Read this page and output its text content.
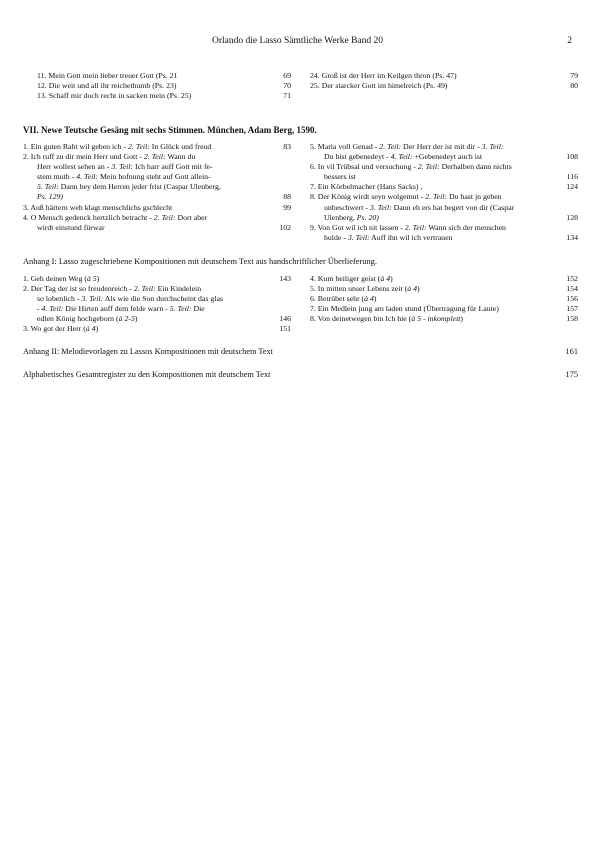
Orlando die Lasso Sämtliche Werke Band 20	2
11. Mein Gott mein lieber treuer Gott (Ps. 21	69
12. Die weit und all ihr reichethumb (Ps. 23)	70
13. Schaff mir doch recht in sacken mein (Ps. 25)	71
24. Groß ist der Herr im Keilgen thron (Ps. 47)	79
25. Der starcker Gott im himelreich (Ps. 49)	80
VII. Newe Teutsche Gesäng mit sechs Stimmen. München, Adam Berg, 1590.
1. Ein guten Raht wil geben ich - 2. Teil: In Glück und freud	83
2. Ich ruff zu dir mein Herr und Gott - 2. Teil: Wann du
Herr wollest sehen an - 3. Teil: Ich harr auff Gott mit fe-
stem muth - 4. Teil: Mein hofnung steht auf Gott allein-
5. Teil: Dann bey dem Herren jeder frist (Caspar Ulenberg,
Ps. 129)	88
3. Auß härtern weh klagt menschlichs gschlecht	99
4. O Mensch gedenck hertzlich betracht - 2. Teil: Dort aber
wirdt einstund fürwar	102
5. Maria voll Genad - 2. Teil: Der Herr der ist mit dir - 3. Teil:
Du bist gebenedeyt - 4. Teil: +Gebenedeyt auch ist	108
6. In vil Trübsal und versuchung - 2. Teil: Derhalben dann nichts
bessers ist	116
7. Ein Körbelmacher (Hans Sacks) ,	124
8. Der König wirdt seyn wolgemut - 2. Teil: Du hast jn geben
unbeschwert - 3. Teil: Dann eh ers hat begert von dir (Caspar
Ulenberg, Ps. 20)	128
9. Von Got wil ich nit lassen - 2. Teil: Wann sich der menschen
hulde - 3. Teil: Auff ihn wil ich vertrauen	134
Anhang I: Lasso zugeschriebene Kompositionen mit deutschem Text aus handschriftlicher Überlieferung.
1. Geh deinen Weg (à 5)	143
2. Der Tag der ist so freudenreich - 2. Teil: Ein Kindelein
so lobenlich - 3. Teil: Als wie die Son durchscheint das glas
- 4. Teil: Die Hirten auff dem felde warn - 5. Teil: Die
edlen König hochgeborn (à 2-5)	146
3. Wo got der Herr (à 4)	151
4. Kum heiliger geist (à 4)	152
5. In mitten unser Lebens zeit (à 4)	154
6. Betrübet sehr (à 4)	156
7. Ein Medlein jung am laden stund (Übertragung für Laute)	157
8. Von deinetwegen bin Ich hie (à 5 - inkomplett)	158
Anhang II: Melodievorlagen zu Lassos Kompositionen mit deutschem Text	161
Alphabetisches Gesamtregister zu den Kompositionen mit deutschem Text	175
